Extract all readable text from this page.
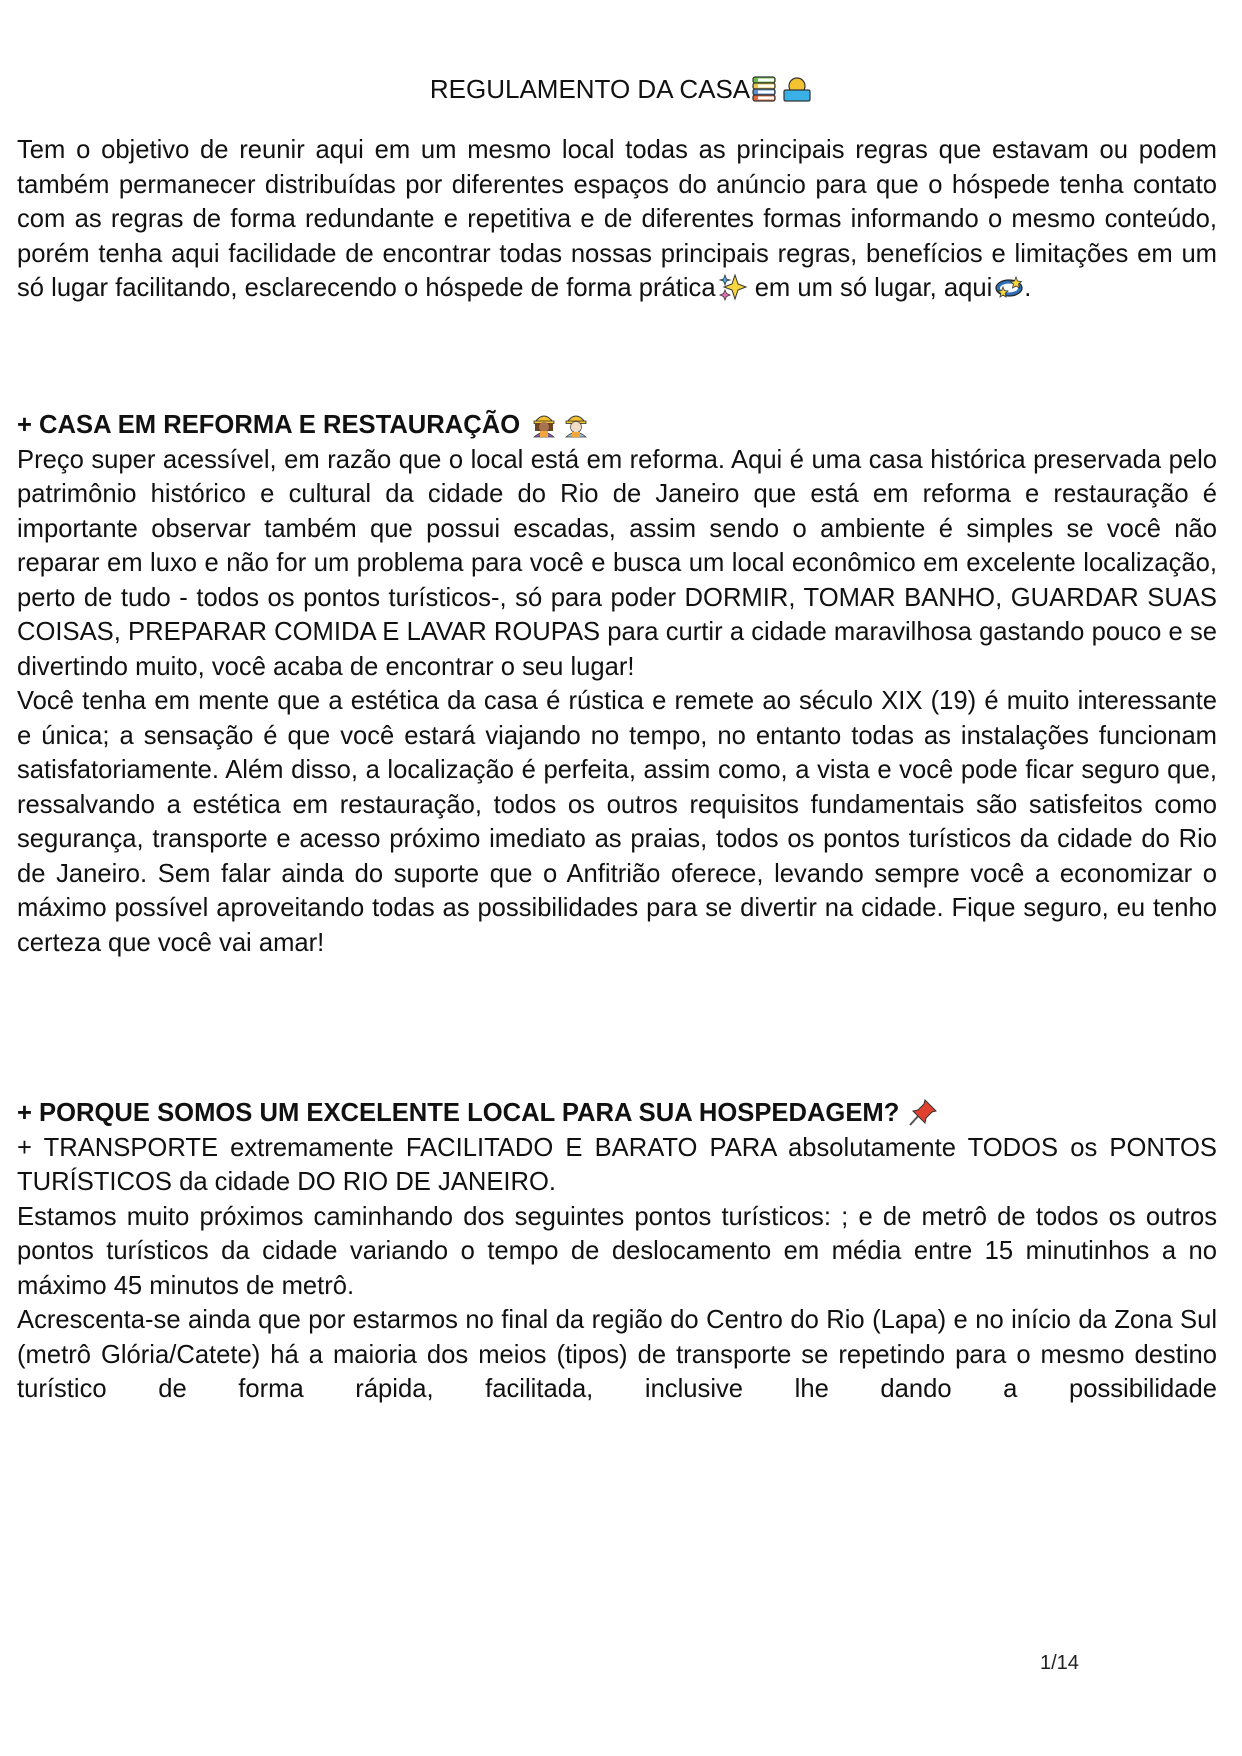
REGULAMENTO DA CASA

Tem o objetivo de reunir aqui em um mesmo local todas as principais regras que estavam ou podem também permanecer distribuídas por diferentes espaços do anúncio para que o hóspede tenha contato com as regras de forma redundante e repetitiva e de diferentes formas informando o mesmo conteúdo, porém tenha aqui facilidade de encontrar todas nossas principais regras, benefícios e limitações em um só lugar facilitando, esclarecendo o hóspede de forma prática em um só lugar, aqui .

+ CASA EM REFORMA E RESTAURAÇÃO

Preço super acessível, em razão que o local está em reforma. Aqui é uma casa histórica preservada pelo patrimônio histórico e cultural da cidade do Rio de Janeiro que está em reforma e restauração é importante observar também que possui escadas, assim sendo o ambiente é simples se você não reparar em luxo e não for um problema para você e busca um local econômico em excelente localização, perto de tudo - todos os pontos turísticos-, só para poder DORMIR, TOMAR BANHO, GUARDAR SUAS COISAS, PREPARAR COMIDA E LAVAR ROUPAS para curtir a cidade maravilhosa gastando pouco e se divertindo muito, você acaba de encontrar o seu lugar!

Você tenha em mente que a estética da casa é rústica e remete ao século XIX (19) é muito interessante e única; a sensação é que você estará viajando no tempo, no entanto todas as instalações funcionam satisfatoriamente. Além disso, a localização é perfeita, assim como, a vista e você pode ficar seguro que, ressalvando a estética em restauração, todos os outros requisitos fundamentais são satisfeitos como segurança, transporte e acesso próximo imediato as praias, todos os pontos turísticos da cidade do Rio de Janeiro. Sem falar ainda do suporte que o Anfitrião oferece, levando sempre você a economizar o máximo possível aproveitando todas as possibilidades para se divertir na cidade. Fique seguro, eu tenho certeza que você vai amar!

+ PORQUE SOMOS UM EXCELENTE LOCAL PARA SUA HOSPEDAGEM?

+ TRANSPORTE extremamente FACILITADO E BARATO PARA absolutamente TODOS os PONTOS TURÍSTICOS da cidade DO RIO DE JANEIRO.

Estamos muito próximos caminhando dos seguintes pontos turísticos: ; e de metrô de todos os outros pontos turísticos da cidade variando o tempo de deslocamento em média entre 15 minutinhos a no máximo 45 minutos de metrô.

Acrescenta-se ainda que por estarmos no final da região do Centro do Rio (Lapa) e no início da Zona Sul (metrô Glória/Catete) há a maioria dos meios (tipos) de transporte se repetindo para o mesmo destino turístico de forma rápida, facilitada, inclusive lhe dando a possibilidade

1/14
